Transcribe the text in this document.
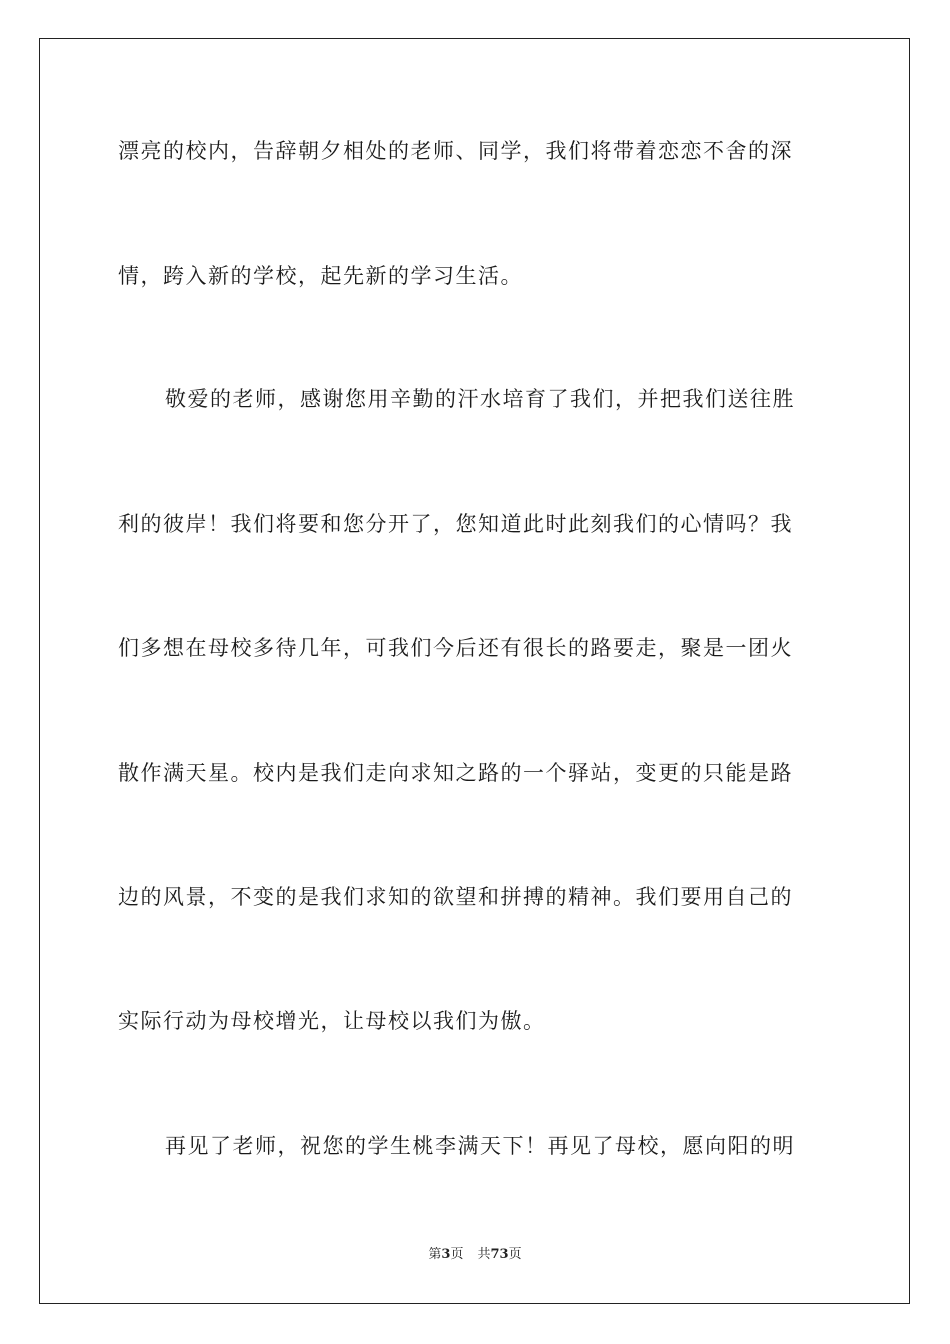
漂亮的校内，告辞朝夕相处的老师、同学，我们将带着恋恋不舍的深
情，跨入新的学校，起先新的学习生活。
敬爱的老师，感谢您用辛勤的汗水培育了我们，并把我们送往胜
利的彼岸！我们将要和您分开了，您知道此时此刻我们的心情吗？我
们多想在母校多待几年，可我们今后还有很长的路要走，聚是一团火
散作满天星。校内是我们走向求知之路的一个驿站，变更的只能是路
边的风景，不变的是我们求知的欲望和拼搏的精神。我们要用自己的
实际行动为母校增光，让母校以我们为傲。
再见了老师，祝您的学生桃李满天下！再见了母校，愿向阳的明
第3页 共73页
